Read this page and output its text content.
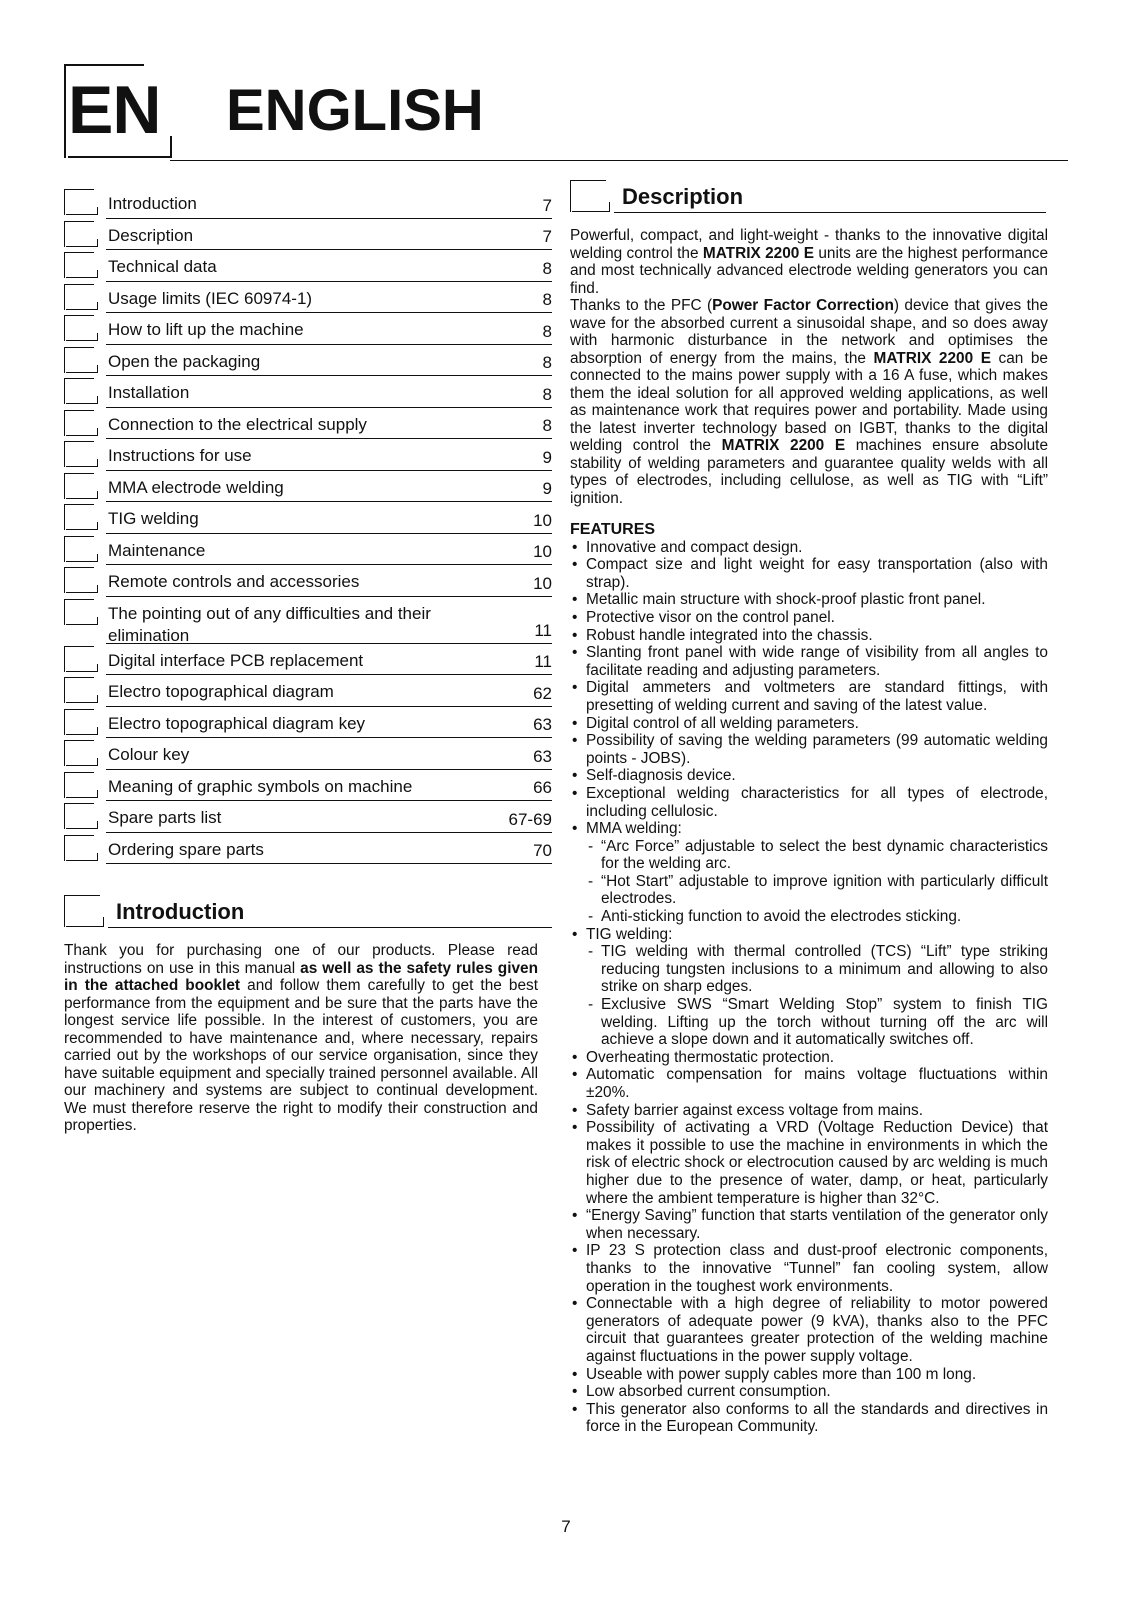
EN ENGLISH
Introduction	7
Description	7
Technical data	8
Usage limits (IEC 60974-1)	8
How to lift up the machine	8
Open the packaging	8
Installation	8
Connection to the electrical supply	8
Instructions for use	9
MMA electrode welding	9
TIG welding	10
Maintenance	10
Remote controls and accessories	10
The pointing out of any difficulties and their elimination	11
Digital interface PCB replacement	11
Electro topographical diagram	62
Electro topographical diagram key	63
Colour key	63
Meaning of graphic symbols on machine	66
Spare parts list	67-69
Ordering spare parts	70
Introduction
Thank you for purchasing one of our products. Please read instructions on use in this manual as well as the safety rules given in the attached booklet and follow them carefully to get the best performance from the equipment and be sure that the parts have the longest service life possible. In the interest of customers, you are recommended to have maintenance and, where necessary, repairs carried out by the workshops of our service organisation, since they have suitable equipment and specially trained personnel available. All our machinery and systems are subject to continual development. We must therefore reserve the right to modify their construction and properties.
Description
Powerful, compact, and light-weight - thanks to the innovative digital welding control the MATRIX 2200 E units are the highest performance and most technically advanced electrode welding generators you can find.
Thanks to the PFC (Power Factor Correction) device that gives the wave for the absorbed current a sinusoidal shape, and so does away with harmonic disturbance in the network and optimises the absorption of energy from the mains, the MATRIX 2200 E can be connected to the mains power supply with a 16 A fuse, which makes them the ideal solution for all approved welding applications, as well as maintenance work that requires power and portability. Made using the latest inverter technology based on IGBT, thanks to the digital welding control the MATRIX 2200 E machines ensure absolute stability of welding parameters and guarantee quality welds with all types of electrodes, including cellulose, as well as TIG with “Lift” ignition.
FEATURES
• Innovative and compact design.
• Compact size and light weight for easy transportation (also with strap).
• Metallic main structure with shock-proof plastic front panel.
• Protective visor on the control panel.
• Robust handle integrated into the chassis.
• Slanting front panel with wide range of visibility from all angles to facilitate reading and adjusting parameters.
• Digital ammeters and voltmeters are standard fittings, with presetting of welding current and saving of the latest value.
• Digital control of all welding parameters.
• Possibility of saving the welding parameters (99 automatic welding points - JOBS).
• Self-diagnosis device.
• Exceptional welding characteristics for all types of electrode, including cellulosic.
• MMA welding:
- “Arc Force” adjustable to select the best dynamic characteristics for the welding arc.
- “Hot Start” adjustable to improve ignition with particularly difficult electrodes.
- Anti-sticking function to avoid the electrodes sticking.
• TIG welding:
- TIG welding with thermal controlled (TCS) “Lift” type striking reducing tungsten inclusions to a minimum and allowing to also strike on sharp edges.
- Exclusive SWS “Smart Welding Stop” system to finish TIG welding. Lifting up the torch without turning off the arc will achieve a slope down and it automatically switches off.
• Overheating thermostatic protection.
• Automatic compensation for mains voltage fluctuations within ±20%.
• Safety barrier against excess voltage from mains.
• Possibility of activating a VRD (Voltage Reduction Device) that makes it possible to use the machine in environments in which the risk of electric shock or electrocution caused by arc welding is much higher due to the presence of water, damp, or heat, particularly where the ambient temperature is higher than 32°C.
• “Energy Saving” function that starts ventilation of the generator only when necessary.
• IP 23 S protection class and dust-proof electronic components, thanks to the innovative “Tunnel” fan cooling system, allow operation in the toughest work environments.
• Connectable with a high degree of reliability to motor powered generators of adequate power (9 kVA), thanks also to the PFC circuit that guarantees greater protection of the welding machine against fluctuations in the power supply voltage.
• Useable with power supply cables more than 100 m long.
• Low absorbed current consumption.
• This generator also conforms to all the standards and directives in force in the European Community.
7
